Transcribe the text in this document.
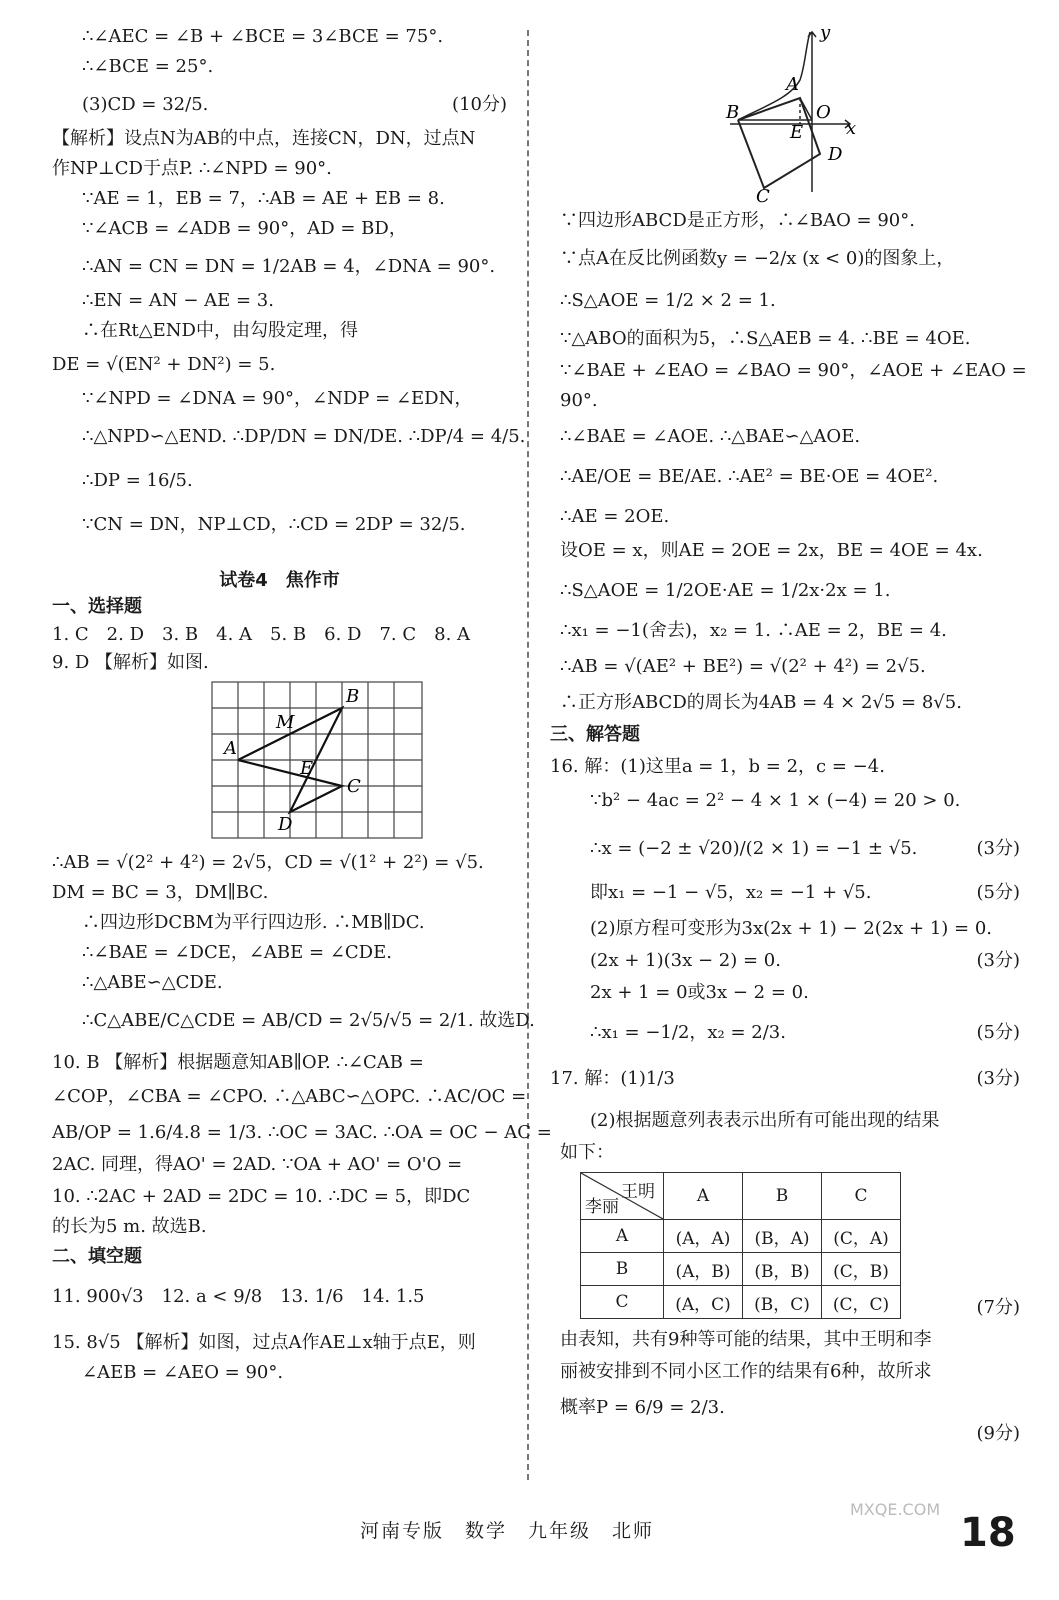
∴∠AEC = ∠B + ∠BCE = 3∠BCE = 75°.
∴∠BCE = 25°.
(3)CD = 32/5.	(10分)
【解析】设点N为AB的中点，连接CN，DN，过点N
作NP⊥CD于点P. ∴∠NPD = 90°.
∵AE = 1，EB = 7，∴AB = AE + EB = 8.
∵∠ACB = ∠ADB = 90°，AD = BD，
∴AN = CN = DN = 1/2AB = 4，∠DNA = 90°.
∴EN = AN − AE = 3.
∴在Rt△END中，由勾股定理，得
DE = √(EN² + DN²) = 5.
∵∠NPD = ∠DNA = 90°，∠NDP = ∠EDN，
∴△NPD∽△END. ∴DP/DN = DN/DE. ∴DP/4 = 4/5.
∴DP = 16/5.
∵CN = DN，NP⊥CD，∴CD = 2DP = 32/5.
试卷4　焦作市
一、选择题
1. C　2. D　3. B　4. A　5. B　6. D　7. C　8. A
9. D 【解析】如图.
A
B
C
D
E
M
∴AB = √(2² + 4²) = 2√5，CD = √(1² + 2²) = √5.
DM = BC = 3，DM∥BC.
∴四边形DCBM为平行四边形. ∴MB∥DC.
∴∠BAE = ∠DCE，∠ABE = ∠CDE.
∴△ABE∽△CDE.
∴C△ABE/C△CDE = AB/CD = 2√5/√5 = 2/1. 故选D.
10. B 【解析】根据题意知AB∥OP. ∴∠CAB =
∠COP，∠CBA = ∠CPO. ∴△ABC∽△OPC. ∴AC/OC =
AB/OP = 1.6/4.8 = 1/3. ∴OC = 3AC. ∴OA = OC − AC =
2AC. 同理，得AO' = 2AD. ∵OA + AO' = O'O =
10. ∴2AC + 2AD = 2DC = 10. ∴DC = 5，即DC
的长为5 m. 故选B.
二、填空题
11. 900√3　12. a < 9/8　13. 1/6　14. 1.5
15. 8√5 【解析】如图，过点A作AE⊥x轴于点E，则
∠AEB = ∠AEO = 90°.
y
x
A
B	O
E
D
C
∵四边形ABCD是正方形，∴∠BAO = 90°.
∵点A在反比例函数y = −2/x (x < 0)的图象上，
∴S△AOE = 1/2 × 2 = 1.
∵△ABO的面积为5，∴S△AEB = 4. ∴BE = 4OE.
∵∠BAE + ∠EAO = ∠BAO = 90°，∠AOE + ∠EAO =
90°.
∴∠BAE = ∠AOE. ∴△BAE∽△AOE.
∴AE/OE = BE/AE. ∴AE² = BE·OE = 4OE².
∴AE = 2OE.
设OE = x，则AE = 2OE = 2x，BE = 4OE = 4x.
∴S△AOE = 1/2OE·AE = 1/2x·2x = 1.
∴x₁ = −1(舍去)，x₂ = 1. ∴AE = 2，BE = 4.
∴AB = √(AE² + BE²) = √(2² + 4²) = 2√5.
∴正方形ABCD的周长为4AB = 4 × 2√5 = 8√5.
三、解答题
16. 解：(1)这里a = 1，b = 2，c = −4.
∵b² − 4ac = 2² − 4 × 1 × (−4) = 20 > 0.
∴x = (−2 ± √20)/(2 × 1) = −1 ± √5.	(3分)
即x₁ = −1 − √5，x₂ = −1 + √5.	(5分)
(2)原方程可变形为3x(2x + 1) − 2(2x + 1) = 0.
(2x + 1)(3x − 2) = 0.	(3分)
2x + 1 = 0或3x − 2 = 0.
∴x₁ = −1/2，x₂ = 2/3.	(5分)
17. 解：(1)1/3	(3分)
(2)根据题意列表表示出所有可能出现的结果
如下：
王明
李丽	A	B	C
A	(A，A)	(B，A)	(C，A)
B	(A，B)	(B，B)	(C，B)
C	(A，C)	(B，C)	(C，C)	(7分)
由表知，共有9种等可能的结果，其中王明和李
丽被安排到不同小区工作的结果有6种，故所求
概率P = 6/9 = 2/3.
(9分)
河南专版　数学　九年级　北师
MXQE.COM
18
